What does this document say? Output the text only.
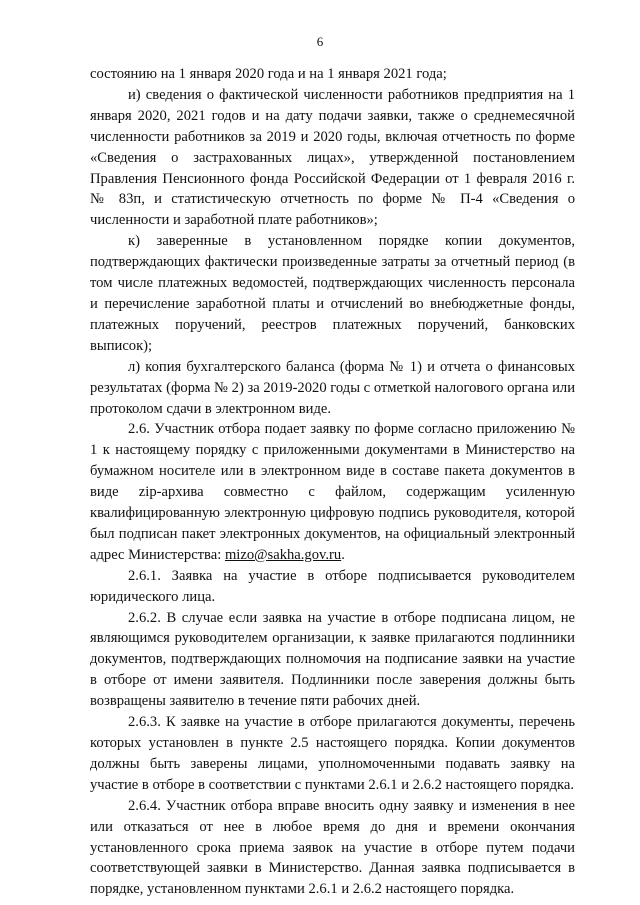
6

состоянию на 1 января 2020 года и на 1 января 2021 года;

и) сведения о фактической численности работников предприятия на 1 января 2020, 2021 годов и на дату подачи заявки, также о среднемесячной численности работников за 2019 и 2020 годы, включая отчетность по форме «Сведения о застрахованных лицах», утвержденной постановлением Правления Пенсионного фонда Российской Федерации от 1 февраля 2016 г. № 83п, и статистическую отчетность по форме № П-4 «Сведения о численности и заработной плате работников»;

к) заверенные в установленном порядке копии документов, подтверждающих фактически произведенные затраты за отчетный период (в том числе платежных ведомостей, подтверждающих численность персонала и перечисление заработной платы и отчислений во внебюджетные фонды, платежных поручений, реестров платежных поручений, банковских выписок);

л) копия бухгалтерского баланса (форма № 1) и отчета о финансовых результатах (форма № 2) за 2019-2020 годы с отметкой налогового органа или протоколом сдачи в электронном виде.

2.6. Участник отбора подает заявку по форме согласно приложению № 1 к настоящему порядку с приложенными документами в Министерство на бумажном носителе или в электронном виде в составе пакета документов в виде zip-архива совместно с файлом, содержащим усиленную квалифицированную электронную цифровую подпись руководителя, которой был подписан пакет электронных документов, на официальный электронный адрес Министерства: mizo@sakha.gov.ru.

2.6.1. Заявка на участие в отборе подписывается руководителем юридического лица.

2.6.2. В случае если заявка на участие в отборе подписана лицом, не являющимся руководителем организации, к заявке прилагаются подлинники документов, подтверждающих полномочия на подписание заявки на участие в отборе от имени заявителя. Подлинники после заверения должны быть возвращены заявителю в течение пяти рабочих дней.

2.6.3. К заявке на участие в отборе прилагаются документы, перечень которых установлен в пункте 2.5 настоящего порядка. Копии документов должны быть заверены лицами, уполномоченными подавать заявку на участие в отборе в соответствии с пунктами 2.6.1 и 2.6.2 настоящего порядка.

2.6.4. Участник отбора вправе вносить одну заявку и изменения в нее или отказаться от нее в любое время до дня и времени окончания установленного срока приема заявок на участие в отборе путем подачи соответствующей заявки в Министерство. Данная заявка подписывается в порядке, установленном пунктами 2.6.1 и 2.6.2 настоящего порядка.
